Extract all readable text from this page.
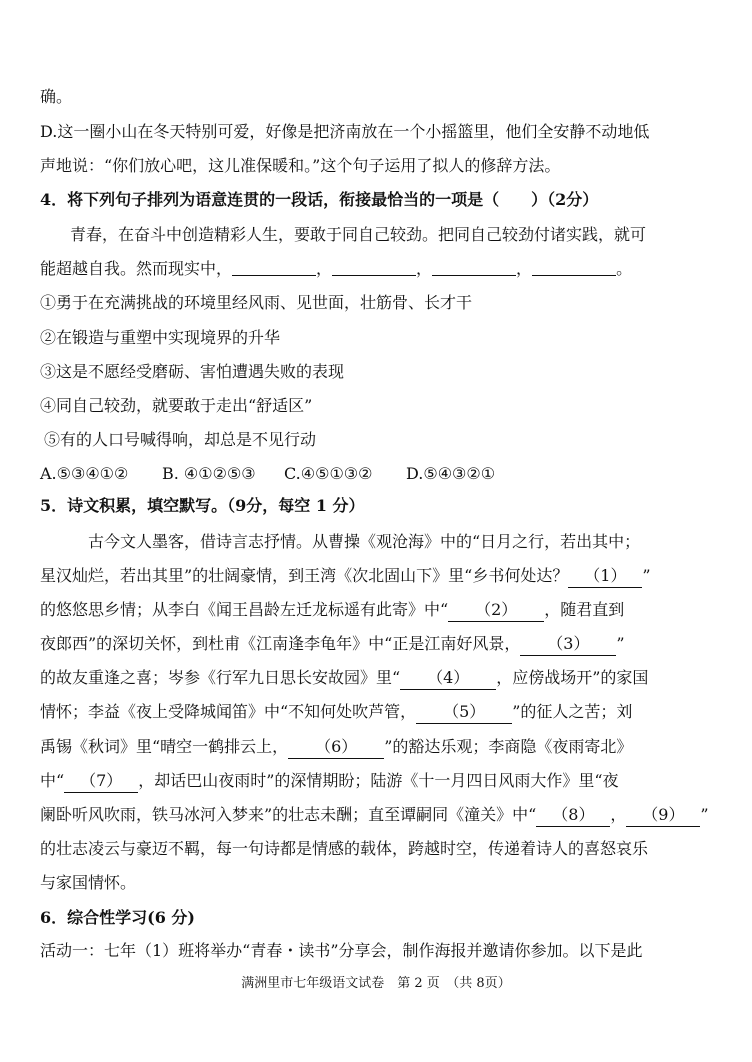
确。
D.这一圈小山在冬天特别可爱，好像是把济南放在一个小摇篮里，他们全安静不动地低
声地说：“你们放心吧，这儿准保暖和。”这个句子运用了拟人的修辞方法。
4．将下列句子排列为语意连贯的一段话，衔接最恰当的一项是（　　）（2分）
青春，在奋斗中创造精彩人生，要敢于同自己较劲。把同自己较劲付诸实践，就可
能超越自我。然而现实中，	，	，	，	。
①勇于在充满挑战的环境里经风雨、见世面，壮筋骨、长才干
②在锻造与重塑中实现境界的升华
③这是不愿经受磨砺、害怕遭遇失败的表现
④同自己较劲，就要敢于走出“舒适区”
⑤有的人口号喊得响，却总是不见行动
A.⑤③④①② B. ④①②⑤③ C.④⑤①③② D.⑤④③②①
5．诗文积累，填空默写。（9分，每空 1 分）
古今文人墨客，借诗言志抒情。从曹操《观沧海》中的“日月之行，若出其中；
星汉灿烂，若出其里”的壮阔豪情，到王湾《次北固山下》里“乡书何处达？ （1） ”
的悠悠思乡情；从李白《闻王昌龄左迁龙标遥有此寄》中“ （2） ，随君直到
夜郎西”的深切关怀，到杜甫《江南逢李龟年》中“正是江南好风景， （3） ”
的故友重逢之喜；岑参《行军九日思长安故园》里“ （4） ，应傍战场开”的家国
情怀；李益《夜上受降城闻笛》中“不知何处吹芦管， （5） ”的征人之苦；刘
禹锡《秋词》里“晴空一鹤排云上， （6） ”的豁达乐观；李商隐《夜雨寄北》
中“ （7） ，却话巴山夜雨时”的深情期盼；陆游《十一月四日风雨大作》里“夜
阑卧听风吹雨，铁马冰河入梦来”的壮志未酬；直至谭嗣同《潼关》中“ （8） ， （9） ”
的壮志凌云与豪迈不羁，每一句诗都是情感的载体，跨越时空，传递着诗人的喜怒哀乐
与家国情怀。
6．综合性学习(6 分)
活动一：七年（1）班将举办“青春・读书”分享会，制作海报并邀请你参加。以下是此
满洲里市七年级语文试卷　第 2 页　（共 8页）
